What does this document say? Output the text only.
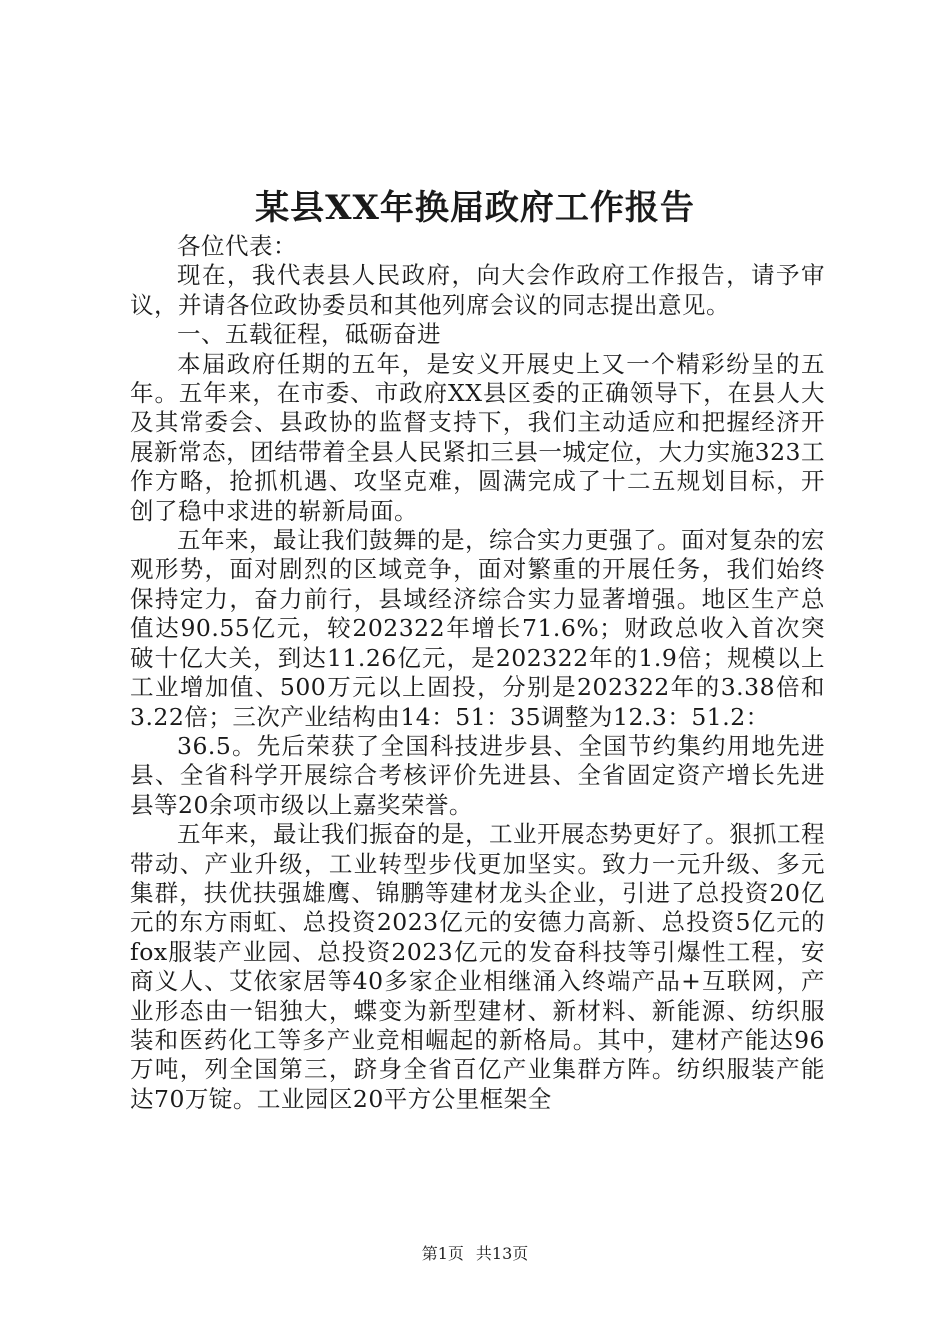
某县XX年换届政府工作报告

各位代表：

现在，我代表县人民政府，向大会作政府工作报告，请予审议，并请各位政协委员和其他列席会议的同志提出意见。

一、五载征程，砥砺奋进

本届政府任期的五年，是安义开展史上又一个精彩纷呈的五年。五年来，在市委、市政府XX县区委的正确领导下，在县人大及其常委会、县政协的监督支持下，我们主动适应和把握经济开展新常态，团结带着全县人民紧扣三县一城定位，大力实施323工作方略，抢抓机遇、攻坚克难，圆满完成了十二五规划目标，开创了稳中求进的崭新局面。

五年来，最让我们鼓舞的是，综合实力更强了。面对复杂的宏观形势，面对剧烈的区域竞争，面对繁重的开展任务，我们始终保持定力，奋力前行，县域经济综合实力显著增强。地区生产总值达90.55亿元，较202322年增长71.6%；财政总收入首次突破十亿大关，到达11.26亿元，是202322年的1.9倍；规模以上工业增加值、500万元以上固投，分别是202322年的3.38倍和3.22倍；三次产业结构由14：51：35调整为12.3：51.2：

36.5。先后荣获了全国科技进步县、全国节约集约用地先进县、全省科学开展综合考核评价先进县、全省固定资产增长先进县等20余项市级以上嘉奖荣誉。

五年来，最让我们振奋的是，工业开展态势更好了。狠抓工程带动、产业升级，工业转型步伐更加坚实。致力一元升级、多元集群，扶优扶强雄鹰、锦鹏等建材龙头企业，引进了总投资20亿元的东方雨虹、总投资2023亿元的安德力高新、总投资5亿元的fox服装产业园、总投资2023亿元的发奋科技等引爆性工程，安商义人、艾依家居等40多家企业相继涌入终端产品+互联网，产业形态由一铝独大，蝶变为新型建材、新材料、新能源、纺织服装和医药化工等多产业竞相崛起的新格局。其中，建材产能达96万吨，列全国第三，跻身全省百亿产业集群方阵。纺织服装产能达70万锭。工业园区20平方公里框架全

第1页 共13页
